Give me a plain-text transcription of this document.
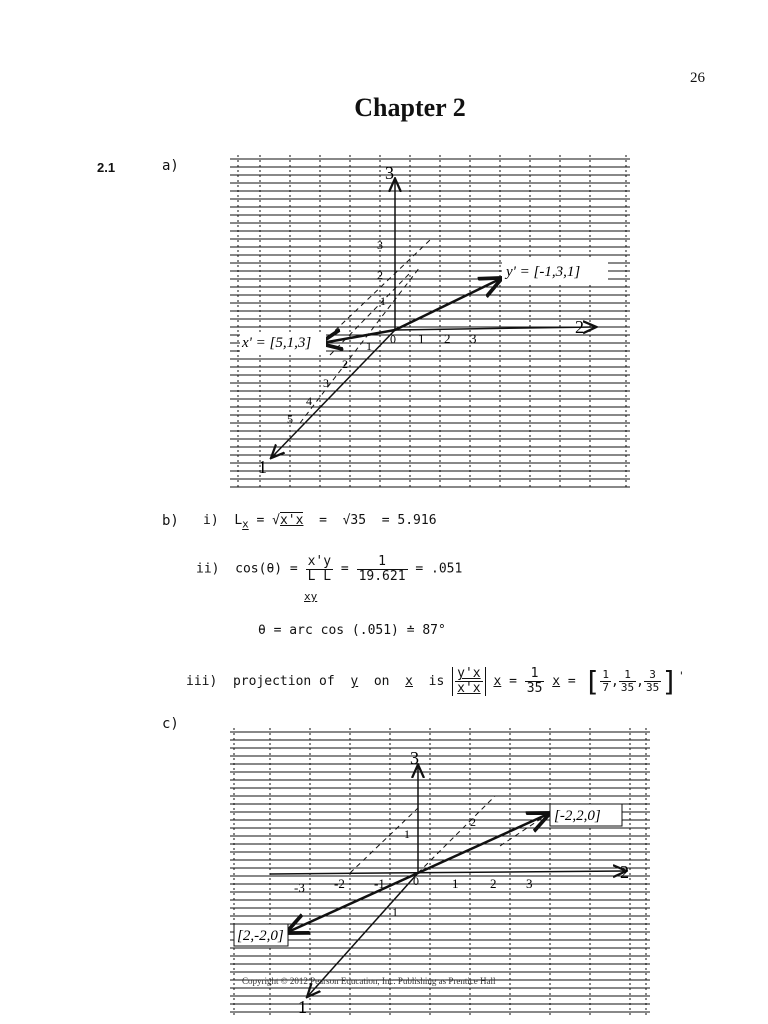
26
Chapter 2
2.1	a)	3
2
1
1 2 3
1
2
3
1
2
3
4
5
0
x' = [5,1,3]
y' = [-1,3,1]
b) i) $L_x = √x'x = √35 = 5.916$
ii) $\cos(\theta) = \frac{x'y}{\text{L L}} = \frac{1}{19.621} = .051$
xy
θ = arc cos (.051) ≐ 87°
iii) projection of y on x is $\frac{y'x}{x'x}$ $x = \frac{1}{35}$ x = [ $\frac{1}{7}$ , $\frac{1}{35}$ , $\frac{3}{35} ]'$
c)
3
2
1
1 2 3
-1
-2
-3
1
2
1
0
[-2,2,0]
[2,-2,0]
Copyright © 2012 Pearson Education, Inc. Publishing as Prentice Hall
